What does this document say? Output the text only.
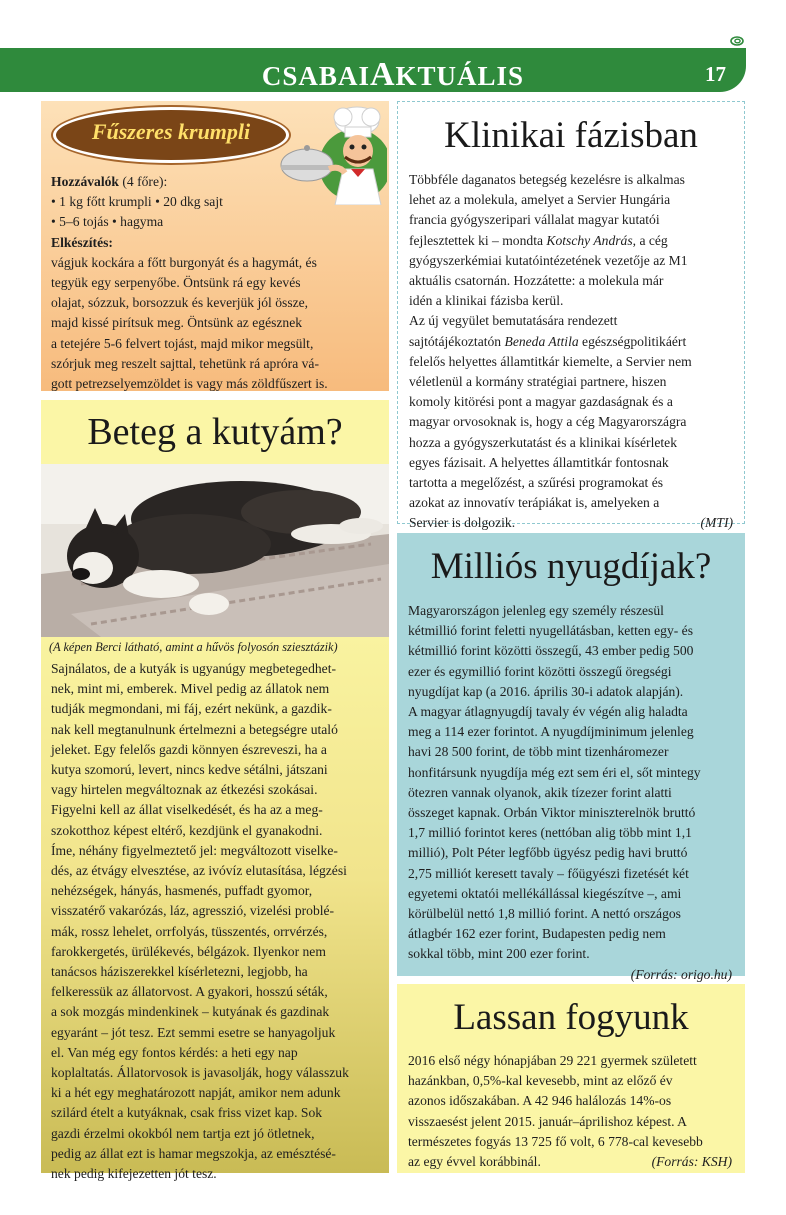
CSABAIAKTUÁLIS	17
Fűszeres krumpli
Hozzávalók (4 főre):
• 1 kg főtt krumpli • 20 dkg sajt
• 5–6 tojás • hagyma
Elkészítés:
vágjuk kockára a főtt burgonyát és a hagymát, és
tegyük egy serpenyőbe. Öntsünk rá egy kevés
olajat, sózzuk, borsozzuk és keverjük jól össze,
majd kissé pirítsuk meg. Öntsünk az egésznek
a tetejére 5-6 felvert tojást, majd mikor megsült,
szórjuk meg reszelt sajttal, tehetünk rá apróra vá-
gott petrezselyemzöldet is vagy más zöldfűszert is.
Beteg a kutyám?
(A képen Berci látható, amint a hűvös folyosón sziesztázik)
Sajnálatos, de a kutyák is ugyanúgy megbetegedhet-
nek, mint mi, emberek. Mivel pedig az állatok nem
tudják megmondani, mi fáj, ezért nekünk, a gazdik-
nak kell megtanulnunk értelmezni a betegségre utaló
jeleket. Egy felelős gazdi könnyen észreveszi, ha a
kutya szomorú, levert, nincs kedve sétálni, játszani
vagy hirtelen megváltoznak az étkezési szokásai.
Figyelni kell az állat viselkedését, és ha az a meg-
szokotthoz képest eltérő, kezdjünk el gyanakodni.
Íme, néhány figyelmeztető jel: megváltozott viselke-
dés, az étvágy elvesztése, az ivóvíz elutasítása, légzési
nehézségek, hányás, hasmenés, puffadt gyomor,
visszatérő vakarózás, láz, agresszió, vizelési problé-
mák, rossz lehelet, orrfolyás, tüsszentés, orrvérzés,
farokkergetés, ürülékevés, bélgázok. Ilyenkor nem
tanácsos háziszerekkel kísérletezni, legjobb, ha
felkeressük az állatorvost. A gyakori, hosszú séták,
a sok mozgás mindenkinek – kutyának és gazdinak
egyaránt – jót tesz. Ezt semmi esetre se hanyagoljuk
el. Van még egy fontos kérdés: a heti egy nap
koplaltatás. Állatorvosok is javasolják, hogy válasszuk
ki a hét egy meghatározott napját, amikor nem adunk
szilárd ételt a kutyáknak, csak friss vizet kap. Sok
gazdi érzelmi okokból nem tartja ezt jó ötletnek,
pedig az állat ezt is hamar megszokja, az emésztésé-
nek pedig kifejezetten jót tesz.
Klinikai fázisban
Többféle daganatos betegség kezelésre is alkalmas
lehet az a molekula, amelyet a Servier Hungária
francia gyógyszeripari vállalat magyar kutatói
fejlesztettek ki – mondta Kotschy András, a cég
gyógyszerkémiai kutatóintézetének vezetője az M1
aktuális csatornán. Hozzátette: a molekula már
idén a klinikai fázisba kerül.
Az új vegyület bemutatására rendezett
sajtótájékoztatón Beneda Attila egészségpolitikáért
felelős helyettes államtitkár kiemelte, a Servier nem
véletlenül a kormány stratégiai partnere, hiszen
komoly kitörési pont a magyar gazdaságnak és a
magyar orvosoknak is, hogy a cég Magyarországra
hozza a gyógyszerkutatást és a klinikai kísérletek
egyes fázisait. A helyettes államtitkár fontosnak
tartotta a megelőzést, a szűrési programokat és
azokat az innovatív terápiákat is, amelyeken a
Servier is dolgozik.	(MTI)
Milliós nyugdíjak?
Magyarországon jelenleg egy személy részesül
kétmillió forint feletti nyugellátásban, ketten egy- és
kétmillió forint közötti összegű, 43 ember pedig 500
ezer és egymillió forint közötti összegű öregségi
nyugdíjat kap (a 2016. április 30-i adatok alapján).
A magyar átlagnyugdíj tavaly év végén alig haladta
meg a 114 ezer forintot. A nyugdíjminimum jelenleg
havi 28 500 forint, de több mint tizenháromezer
honfitársunk nyugdíja még ezt sem éri el, sőt mintegy
ötezren vannak olyanok, akik tízezer forint alatti
összeget kapnak. Orbán Viktor miniszterelnök bruttó
1,7 millió forintot keres (nettóban alig több mint 1,1
millió), Polt Péter legfőbb ügyész pedig havi bruttó
2,75 milliót keresett tavaly – főügyészi fizetését két
egyetemi oktatói mellékállással kiegészítve –, ami
körülbelül nettó 1,8 millió forint. A nettó országos
átlagbér 162 ezer forint, Budapesten pedig nem
sokkal több, mint 200 ezer forint.
(Forrás: origo.hu)
Lassan fogyunk
2016 első négy hónapjában 29 221 gyermek született
hazánkban, 0,5%-kal kevesebb, mint az előző év
azonos időszakában. A 42 946 halálozás 14%-os
visszaesést jelent 2015. január–áprilishoz képest. A
természetes fogyás 13 725 fő volt, 6 778-cal kevesebb
az egy évvel korábbinál.	(Forrás: KSH)
